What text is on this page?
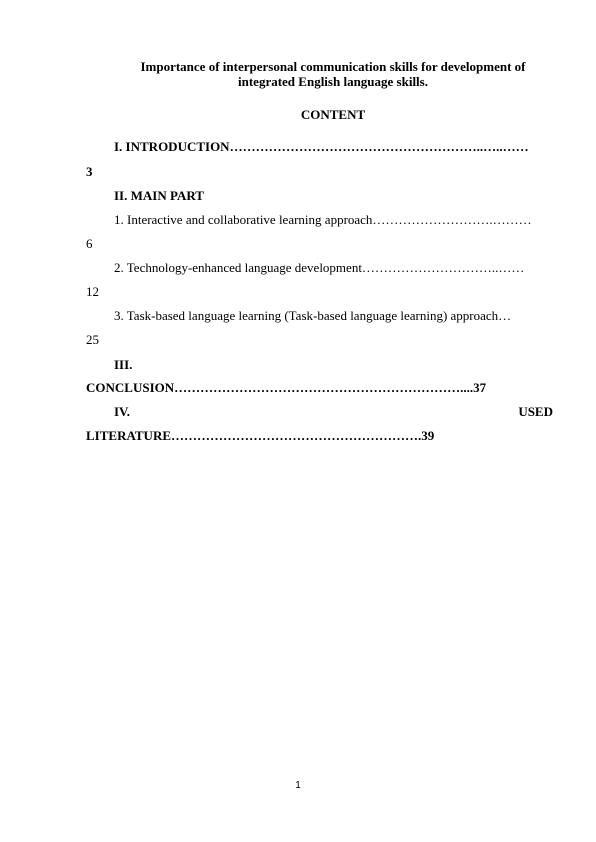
Importance of interpersonal communication skills for development of
integrated English language skills.
CONTENT
I. INTRODUCTION…………………………………………………..…..……
3
II. MAIN PART
1. Interactive and collaborative learning approach……………………….………
6
2. Technology-enhanced language development…………………………..……
12
3. Task-based language learning (Task-based language learning) approach…
25
III.
CONCLUSION…………………………………………………………....37
IV.	USED
LITERATURE………………………………………………….39
1
